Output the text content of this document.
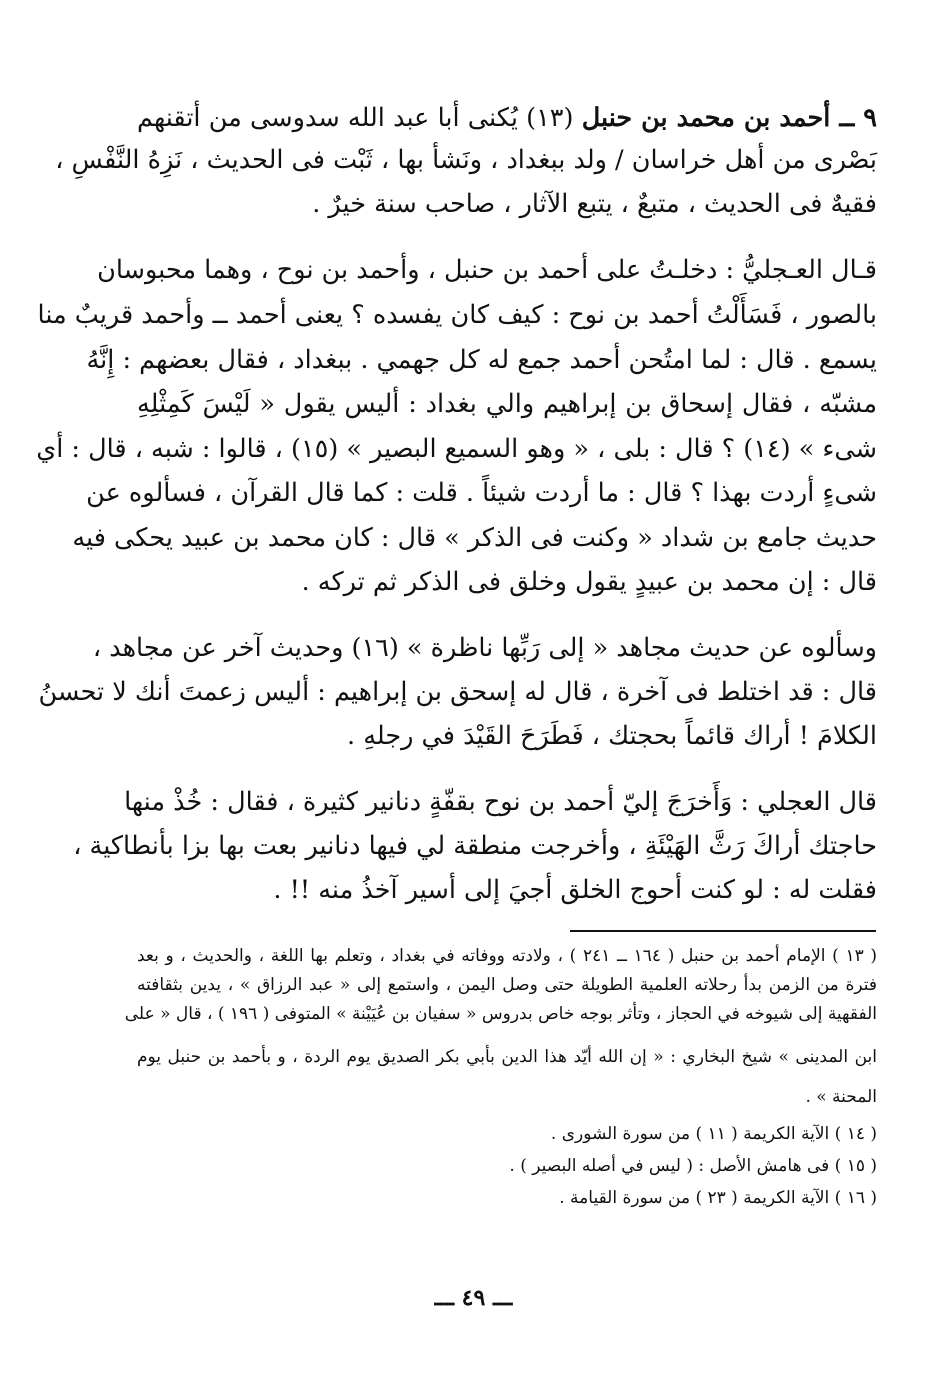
٩ ــ أحمد بن محمد بن حنبل (١٣) يُكنى أبا عبد الله سدوسى من أتقنهم
بَصْرى من أهل خراسان / ولد ببغداد ، ونَشأ بها ، ثَبْت فى الحديث ، نَزِهُ النَّفْسِ ،
فقيهٌ فى الحديث ، متبعٌ ، يتبع الآثار ، صاحب سنة خيرٌ .
قـال العـجليُّ : دخلـتُ على أحمد بن حنبل ، وأحمد بن نوح ، وهما محبوسان
بالصور ، فَسَأَلْتُ أحمد بن نوح : كيف كان يفسده ؟ يعنى أحمد ــ وأحمد قريبٌ منا
يسمع . قال : لما امتُحن أحمد جمع له كل جهمي . ببغداد ، فقال بعضهم : إِنَّهُ
مشبّه ، فقال إسحاق بن إبراهيم والي بغداد : أليس يقول « لَيْسَ كَمِثْلِهِ
شىء » (١٤) ؟ قال : بلى ، « وهو السميع البصير » (١٥) ، قالوا : شبه ، قال : أي
شىءٍ أردت بهذا ؟ قال : ما أردت شيئاً . قلت : كما قال القرآن ، فسألوه عن
حديث جامع بن شداد « وكنت فى الذكر » قال : كان محمد بن عبيد يحكى فيه
قال : إن محمد بن عبيدٍ يقول وخلق فى الذكر ثم تركه .
وسألوه عن حديث مجاهد « إلى رَبِّها ناظرة » (١٦) وحديث آخر عن مجاهد ،
قال : قد اختلط فى آخرة ، قال له إسحق بن إبراهيم : أليس زعمتَ أنك لا تحسنُ
الكلامَ ! أراك قائماً بحجتك ، فَطَرَحَ القَيْدَ في رجلهِ .
قال العجلي : وَأَخرَجَ إليّ أحمد بن نوح بقفّةٍ دنانير كثيرة ، فقال : خُذْ منها
حاجتك أراكَ رَثَّ الهَيْئَةِ ، وأخرجت منطقة لي فيها دنانير بعت بها بزا بأنطاكية ،
فقلت له : لو كنت أحوج الخلق أجيَ إلى أسير آخذُ منه !! .
( ١٣ ) الإمام أحمد بن حنبل ( ١٦٤ ــ ٢٤١ ) ، ولادته ووفاته في بغداد ، وتعلم بها اللغة ، والحديث ، و بعد
فترة من الزمن بدأ رحلاته العلمية الطويلة حتى وصل اليمن ، واستمع إلى « عبد الرزاق » ، يدين بثقافته
الفقهية إلى شيوخه في الحجاز ، وتأثر بوجه خاص بدروس « سفيان بن عُيَيْنة » المتوفى ( ١٩٦ ) ، قال « على
ابن المدينى » شيخ البخاري : « إن الله أيّد هذا الدين بأبي بكر الصديق يوم الردة ، و بأحمد بن حنبل يوم
المحنة » .
( ١٤ ) الآية الكريمة ( ١١ ) من سورة الشورى .
( ١٥ ) فى هامش الأصل : ( ليس في أصله البصير ) .
( ١٦ ) الآية الكريمة ( ٢٣ ) من سورة القيامة .
ـــ ٤٩ ـــ
